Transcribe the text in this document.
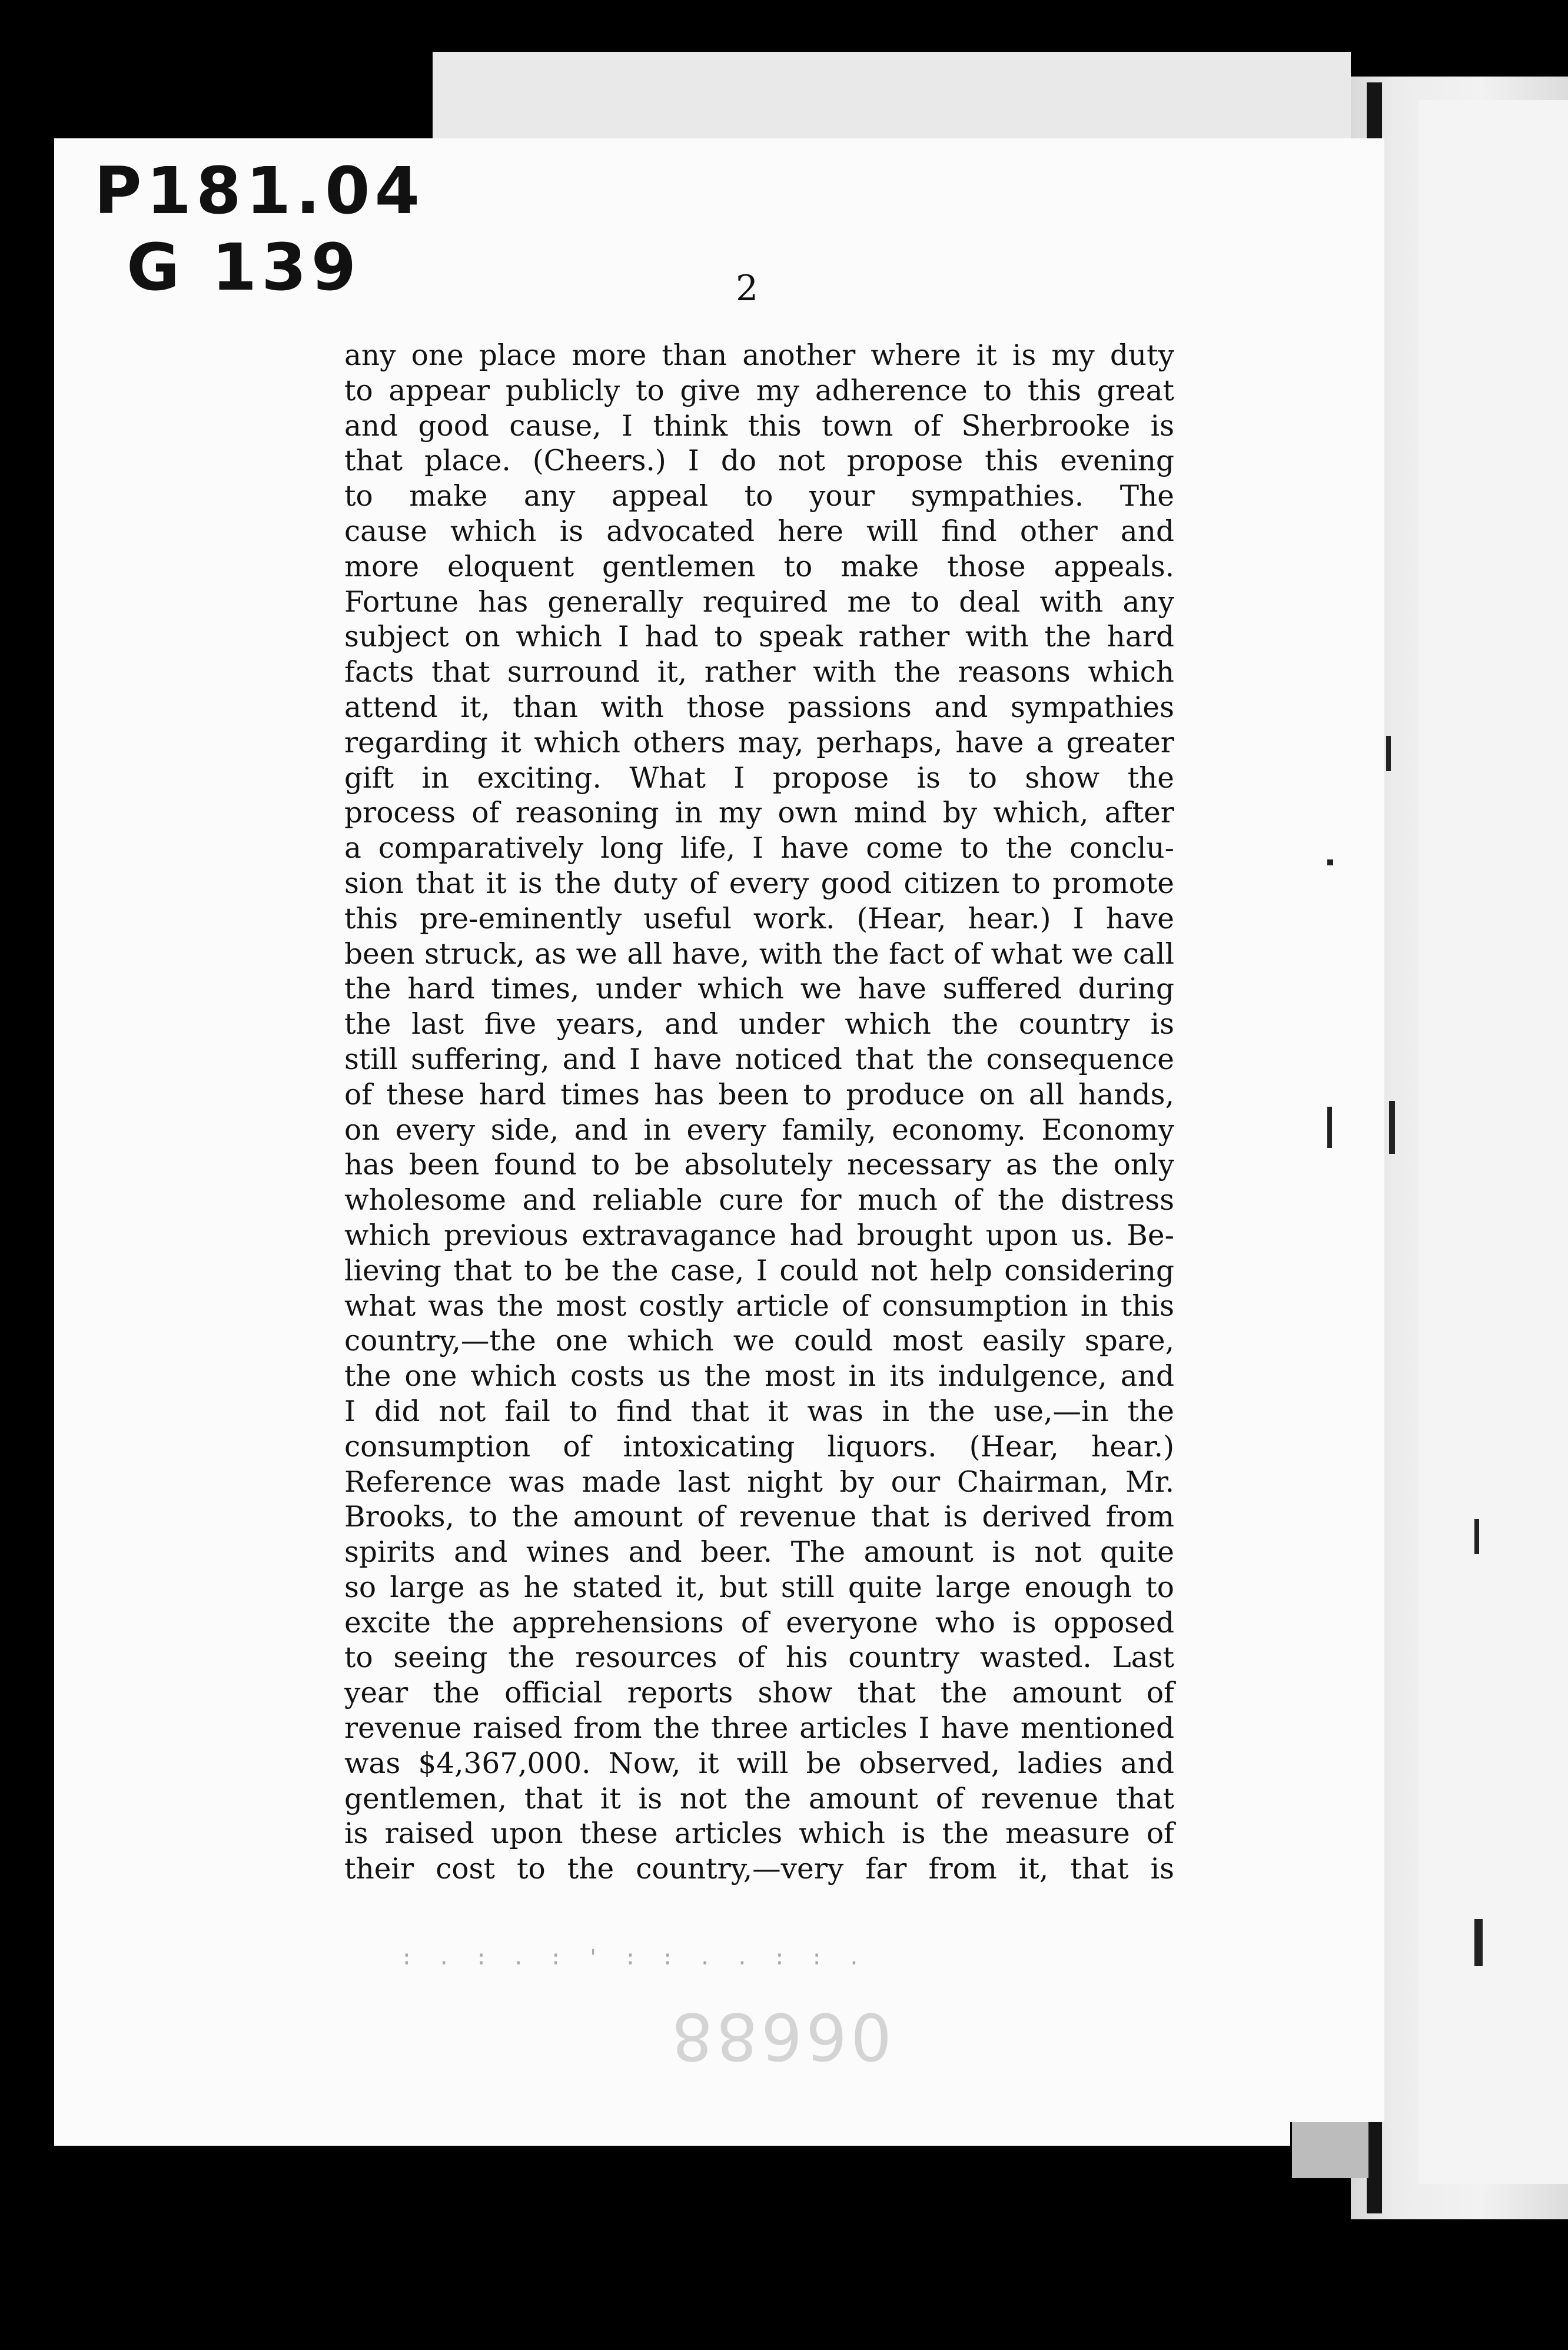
P181.04
G 139	2
any one place more than another where it is my duty
to appear publicly to give my adherence to this great
and good cause, I think this town of Sherbrooke is
that place. (Cheers.) I do not propose this evening
to make any appeal to your sympathies. The
cause which is advocated here will find other and
more eloquent gentlemen to make those appeals.
Fortune has generally required me to deal with any
subject on which I had to speak rather with the hard
facts that surround it, rather with the reasons which
attend it, than with those passions and sympathies
regarding it which others may, perhaps, have a greater
gift in exciting. What I propose is to show the
process of reasoning in my own mind by which, after
a comparatively long life, I have come to the conclu-
sion that it is the duty of every good citizen to promote
this pre-eminently useful work. (Hear, hear.) I have
been struck, as we all have, with the fact of what we call
the hard times, under which we have suffered during
the last five years, and under which the country is
still suffering, and I have noticed that the consequence
of these hard times has been to produce on all hands,
on every side, and in every family, economy. Economy
has been found to be absolutely necessary as the only
wholesome and reliable cure for much of the distress
which previous extravagance had brought upon us. Be-
lieving that to be the case, I could not help considering
what was the most costly article of consumption in this
country,—the one which we could most easily spare,
the one which costs us the most in its indulgence, and
I did not fail to find that it was in the use,—in the
consumption of intoxicating liquors. (Hear, hear.)
Reference was made last night by our Chairman, Mr.
Brooks, to the amount of revenue that is derived from
spirits and wines and beer. The amount is not quite
so large as he stated it, but still quite large enough to
excite the apprehensions of everyone who is opposed
to seeing the resources of his country wasted. Last
year the official reports show that the amount of
revenue raised from the three articles I have mentioned
was $4,367,000. Now, it will be observed, ladies and
gentlemen, that it is not the amount of revenue that
is raised upon these articles which is the measure of
their cost to the country,—very far from it, that is
: . : . : ' : : . . : : .
06688
